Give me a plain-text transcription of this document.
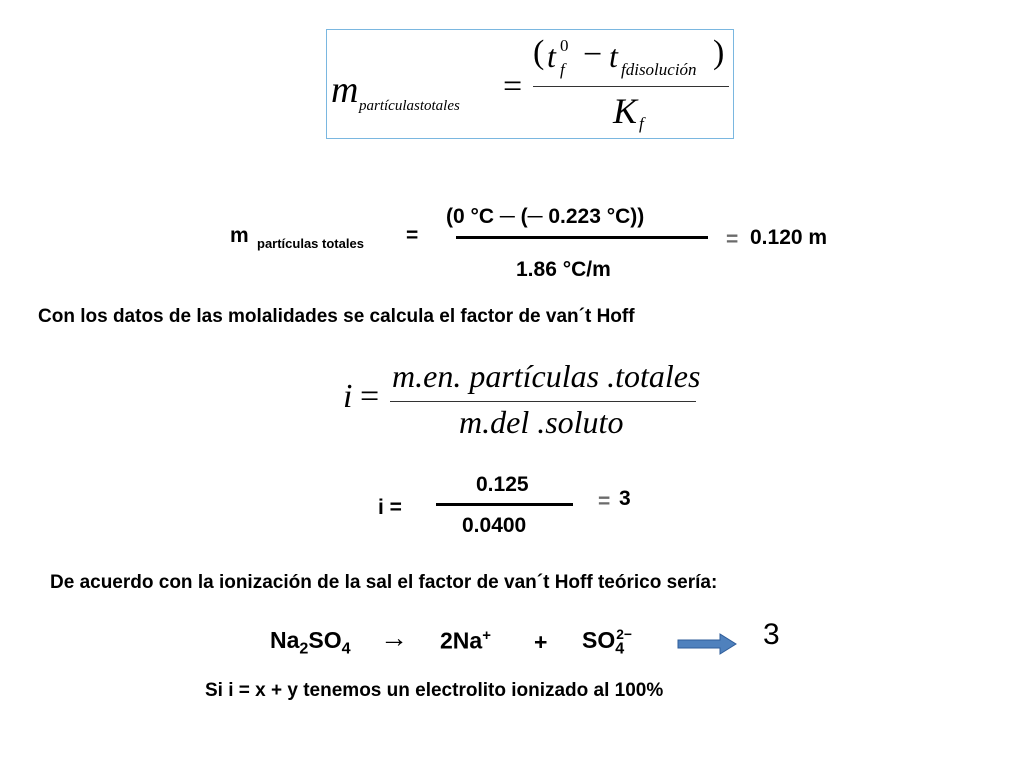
m partículastotales
=
( t 0
f − t fdisolución )
K f
m partículas totales =
(0 °C ─ (─ 0.223 °C))
1.86 °C/m
= 0.120 m
Con los datos de las molalidades se calcula el factor de van´t Hoff
i =
m.en. partículas .totales
m.del .soluto
i =
0.125
0.0400
= 3
De acuerdo con la ionización de la sal el factor de van´t Hoff teórico sería:
$Na_2SO_4 \to 2Na^+ + SO_4^{2-}$	3
Si i = x + y tenemos un electrolito ionizado al 100%
